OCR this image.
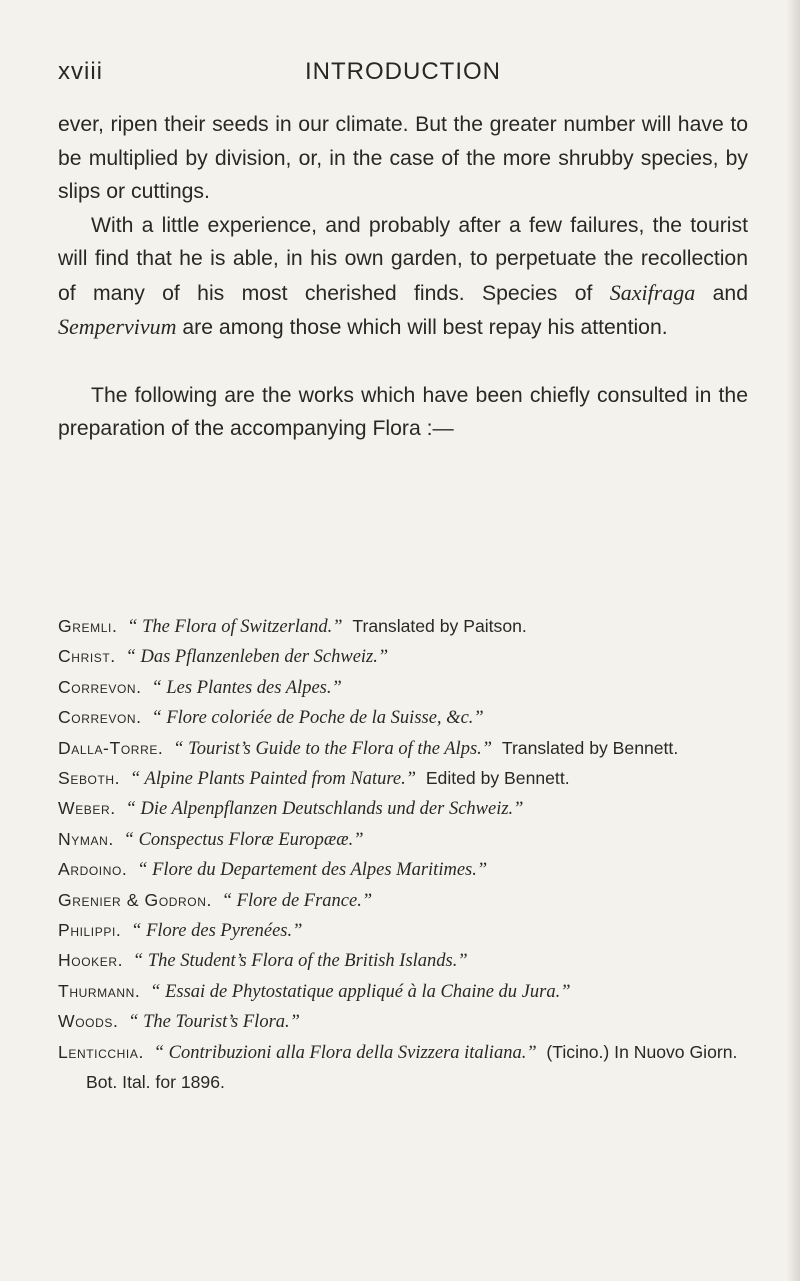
xviii	INTRODUCTION

ever, ripen their seeds in our climate. But the greater number will have to be multiplied by division, or, in the case of the more shrubby species, by slips or cuttings.

With a little experience, and probably after a few failures, the tourist will find that he is able, in his own garden, to perpetuate the recollection of many of his most cherished finds. Species of Saxifraga and Sempervivum are among those which will best repay his attention.

The following are the works which have been chiefly consulted in the preparation of the accompanying Flora :—

Gremli. “ The Flora of Switzerland.” Translated by Paitson.
Christ. “ Das Pflanzenleben der Schweiz.”
Correvon. “ Les Plantes des Alpes.”
Correvon. “ Flore coloriée de Poche de la Suisse, &c.”
Dalla-Torre. “ Tourist’s Guide to the Flora of the Alps.” Translated by Bennett.
Seboth. “ Alpine Plants Painted from Nature.” Edited by Bennett.
Weber. “ Die Alpenpflanzen Deutschlands und der Schweiz.”
Nyman. “ Conspectus Floræ Europææ.”
Ardoino. “ Flore du Departement des Alpes Maritimes.”
Grenier & Godron. “ Flore de France.”
Philippi. “ Flore des Pyrenées.”
Hooker. “ The Student’s Flora of the British Islands.”
Thurmann. “ Essai de Phytostatique appliqué à la Chaine du Jura.”
Woods. “ The Tourist’s Flora.”
Lenticchia. “ Contribuzioni alla Flora della Svizzera italiana.” (Ticino.) In Nuovo Giorn. Bot. Ital. for 1896.
